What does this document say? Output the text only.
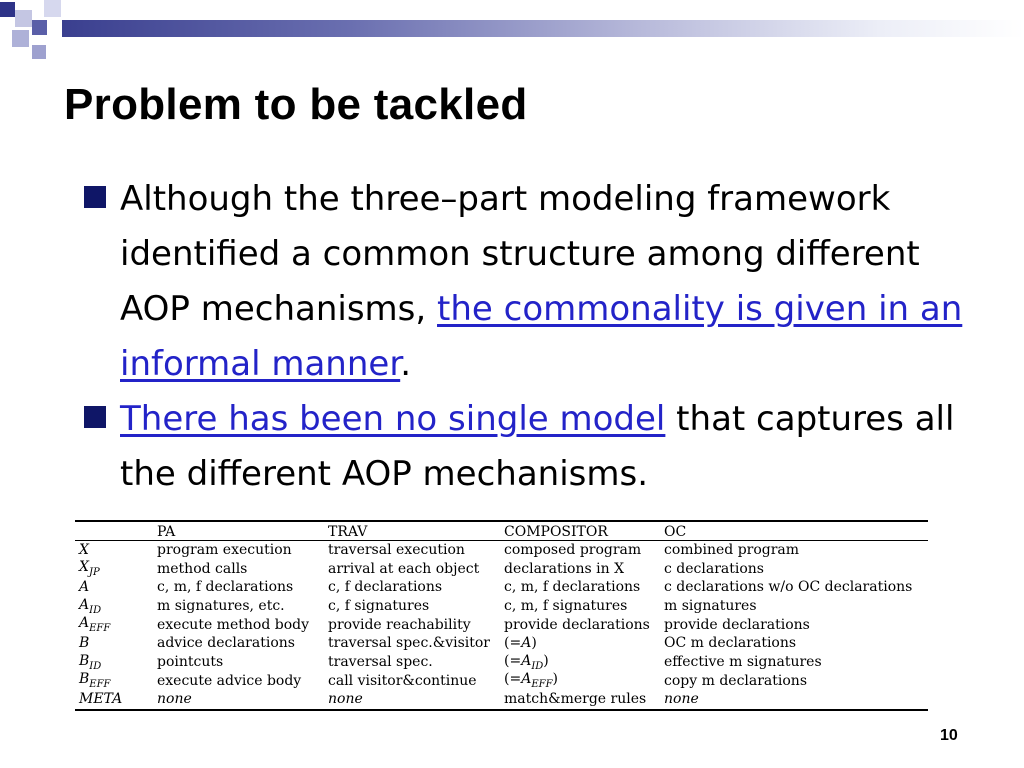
Problem to be tackled
Although the three–part modeling framework identified a common structure among different AOP mechanisms, the commonality is given in an informal manner.
There has been no single model that captures all the different AOP mechanisms.
	PA	TRAV	COMPOSITOR	OC
X	program execution	traversal execution	composed program	combined program
$X_{JP}$	method calls	arrival at each object	declarations in X	c declarations
A	c, m, f declarations	c, f declarations	c, m, f declarations	c declarations w/o OC declarations
$A_{ID}$	m signatures, etc.	c, f signatures	c, m, f signatures	m signatures
$A_{EFF}$	execute method body	provide reachability	provide declarations	provide declarations
B	advice declarations	traversal spec.&visitor	(=A)	OC m declarations
$B_{ID}$	pointcuts	traversal spec.	$(=A_{ID})$	effective m signatures
$B_{EFF}$	execute advice body	call visitor&continue	$(=A_{EFF})$	copy m declarations
META	none	none	match&merge rules	none
10
